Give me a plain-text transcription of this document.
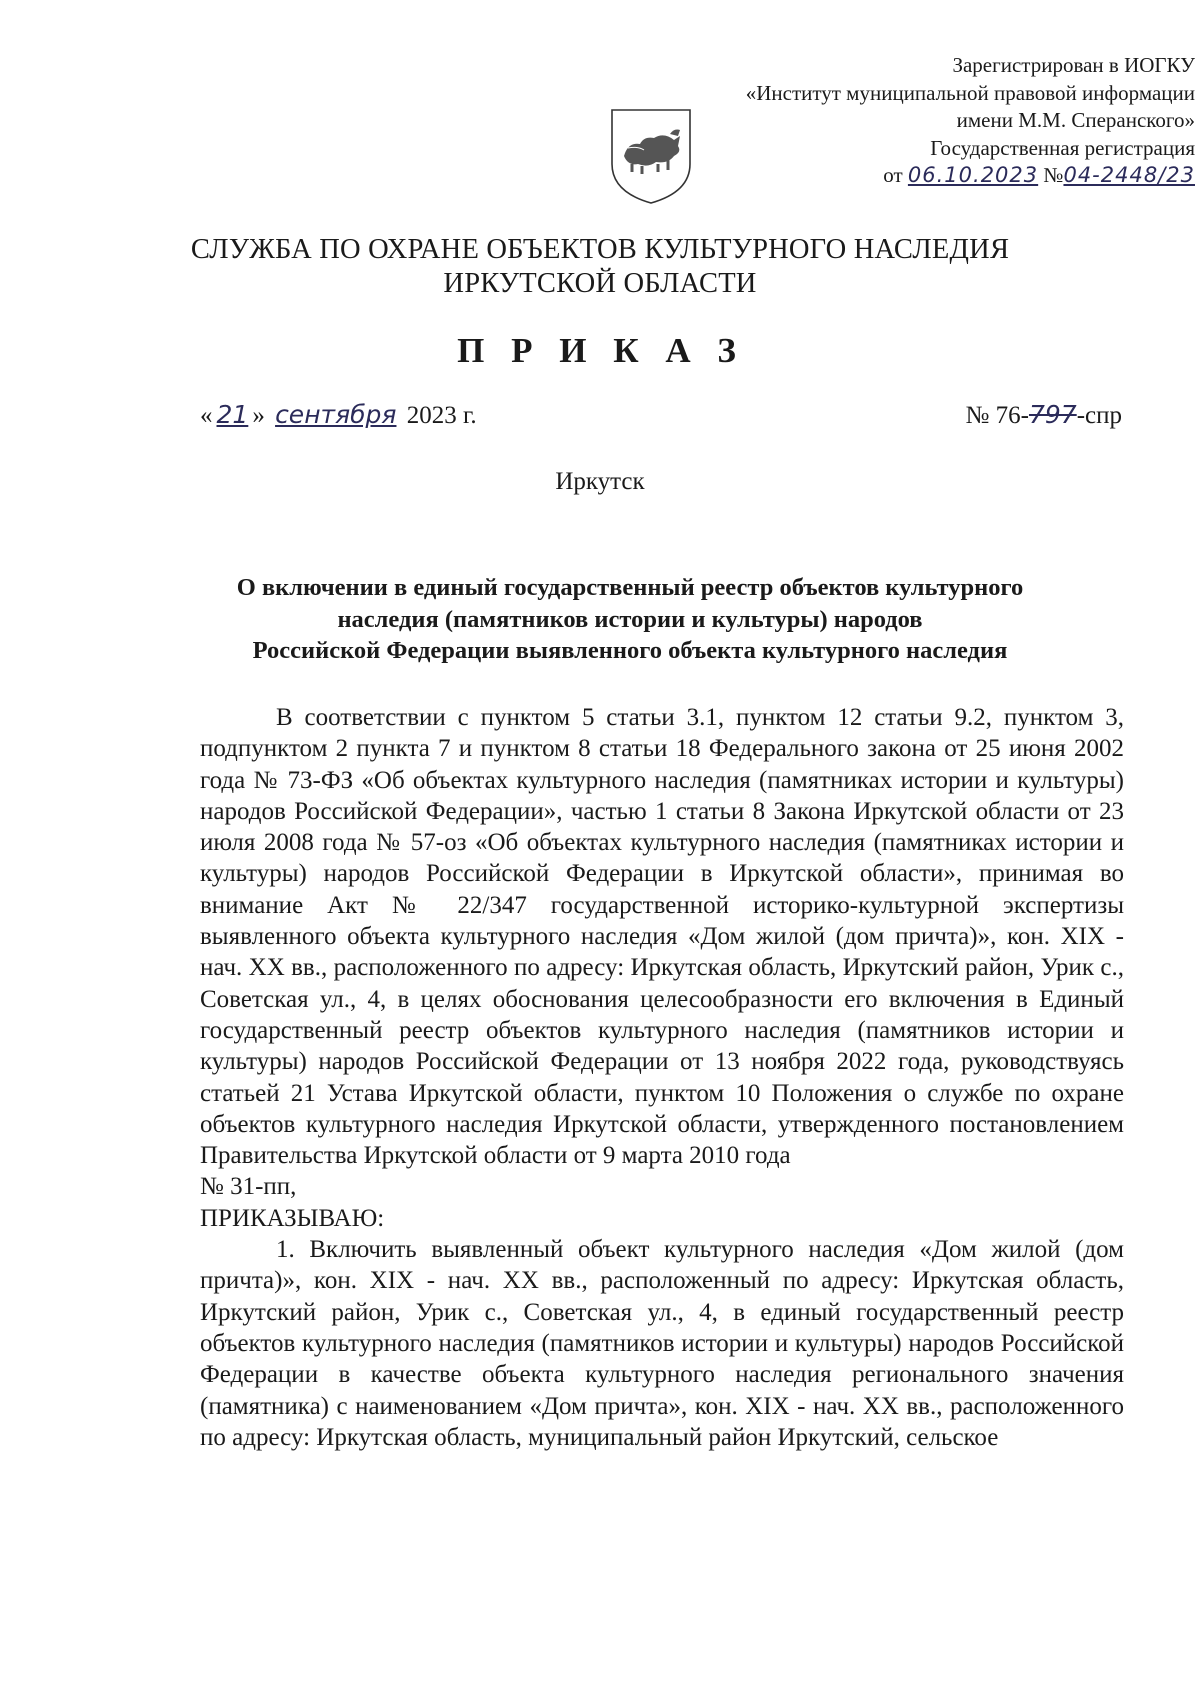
Зарегистрирован в ИОГКУ
«Институт муниципальной правовой информации
имени М.М. Сперанского»
Государственная регистрация
от 06.10.2023 №04-2448/23
СЛУЖБА ПО ОХРАНЕ ОБЪЕКТОВ КУЛЬТУРНОГО НАСЛЕДИЯ
ИРКУТСКОЙ ОБЛАСТИ
П Р И К А З
« 21 » сентября 2023 г.	№ 76-797-спр
Иркутск
О включении в единый государственный реестр объектов культурного
наследия (памятников истории и культуры) народов
Российской Федерации выявленного объекта культурного наследия

В соответствии с пунктом 5 статьи 3.1, пунктом 12 статьи 9.2, пунктом 3, подпунктом 2 пункта 7 и пунктом 8 статьи 18 Федерального закона от 25 июня 2002 года № 73-ФЗ «Об объектах культурного наследия (памятниках истории и культуры) народов Российской Федерации», частью 1 статьи 8 Закона Иркутской области от 23 июля 2008 года № 57-оз «Об объектах культурного наследия (памятниках истории и культуры) народов Российской Федерации в Иркутской области», принимая во внимание Акт № 22/347 государственной историко-культурной экспертизы выявленного объекта культурного наследия «Дом жилой (дом причта)», кон. XIX - нач. XX вв., расположенного по адресу: Иркутская область, Иркутский район, Урик с., Советская ул., 4, в целях обоснования целесообразности его включения в Единый государственный реестр объектов культурного наследия (памятников истории и культуры) народов Российской Федерации от 13 ноября 2022 года, руководствуясь статьей 21 Устава Иркутской области, пунктом 10 Положения о службе по охране объектов культурного наследия Иркутской области, утвержденного постановлением Правительства Иркутской области от 9 марта 2010 года

№ 31-пп,

ПРИКАЗЫВАЮ:

1. Включить выявленный объект культурного наследия «Дом жилой (дом причта)», кон. XIX - нач. XX вв., расположенный по адресу: Иркутская область, Иркутский район, Урик с., Советская ул., 4, в единый государственный реестр объектов культурного наследия (памятников истории и культуры) народов Российской Федерации в качестве объекта культурного наследия регионального значения (памятника) с наименованием «Дом причта», кон. XIX - нач. XX вв., расположенного по адресу: Иркутская область, муниципальный район Иркутский, сельское
